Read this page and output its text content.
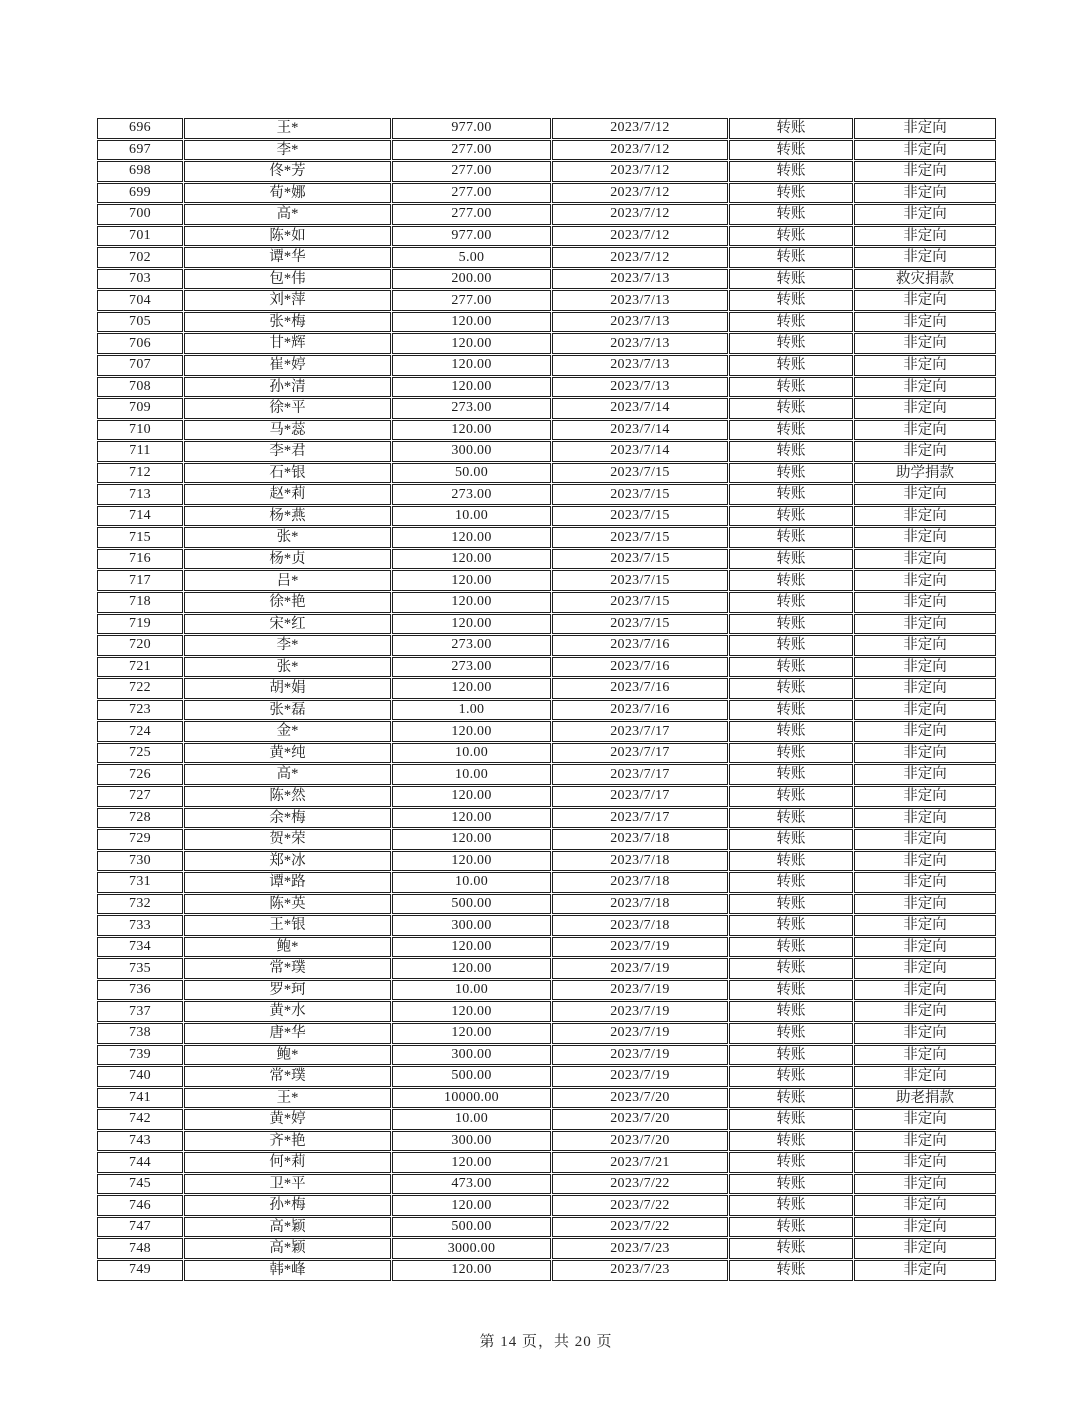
696	王*	977.00	2023/7/12	转账	非定向
697	李*	277.00	2023/7/12	转账	非定向
698	佟*芳	277.00	2023/7/12	转账	非定向
699	荀*娜	277.00	2023/7/12	转账	非定向
700	高*	277.00	2023/7/12	转账	非定向
701	陈*如	977.00	2023/7/12	转账	非定向
702	谭*华	5.00	2023/7/12	转账	非定向
703	包*伟	200.00	2023/7/13	转账	救灾捐款
704	刘*萍	277.00	2023/7/13	转账	非定向
705	张*梅	120.00	2023/7/13	转账	非定向
706	甘*辉	120.00	2023/7/13	转账	非定向
707	崔*婷	120.00	2023/7/13	转账	非定向
708	孙*清	120.00	2023/7/13	转账	非定向
709	徐*平	273.00	2023/7/14	转账	非定向
710	马*蕊	120.00	2023/7/14	转账	非定向
711	李*君	300.00	2023/7/14	转账	非定向
712	石*银	50.00	2023/7/15	转账	助学捐款
713	赵*莉	273.00	2023/7/15	转账	非定向
714	杨*燕	10.00	2023/7/15	转账	非定向
715	张*	120.00	2023/7/15	转账	非定向
716	杨*贞	120.00	2023/7/15	转账	非定向
717	吕*	120.00	2023/7/15	转账	非定向
718	徐*艳	120.00	2023/7/15	转账	非定向
719	宋*红	120.00	2023/7/15	转账	非定向
720	李*	273.00	2023/7/16	转账	非定向
721	张*	273.00	2023/7/16	转账	非定向
722	胡*娟	120.00	2023/7/16	转账	非定向
723	张*磊	1.00	2023/7/16	转账	非定向
724	金*	120.00	2023/7/17	转账	非定向
725	黄*纯	10.00	2023/7/17	转账	非定向
726	高*	10.00	2023/7/17	转账	非定向
727	陈*然	120.00	2023/7/17	转账	非定向
728	余*梅	120.00	2023/7/17	转账	非定向
729	贺*荣	120.00	2023/7/18	转账	非定向
730	郑*冰	120.00	2023/7/18	转账	非定向
731	谭*路	10.00	2023/7/18	转账	非定向
732	陈*英	500.00	2023/7/18	转账	非定向
733	王*银	300.00	2023/7/18	转账	非定向
734	鲍*	120.00	2023/7/19	转账	非定向
735	常*璞	120.00	2023/7/19	转账	非定向
736	罗*珂	10.00	2023/7/19	转账	非定向
737	黄*水	120.00	2023/7/19	转账	非定向
738	唐*华	120.00	2023/7/19	转账	非定向
739	鲍*	300.00	2023/7/19	转账	非定向
740	常*璞	500.00	2023/7/19	转账	非定向
741	王*	10000.00	2023/7/20	转账	助老捐款
742	黄*婷	10.00	2023/7/20	转账	非定向
743	齐*艳	300.00	2023/7/20	转账	非定向
744	何*莉	120.00	2023/7/21	转账	非定向
745	卫*平	473.00	2023/7/22	转账	非定向
746	孙*梅	120.00	2023/7/22	转账	非定向
747	高*颖	500.00	2023/7/22	转账	非定向
748	高*颖	3000.00	2023/7/23	转账	非定向
749	韩*峰	120.00	2023/7/23	转账	非定向
第 14 页，共 20 页
